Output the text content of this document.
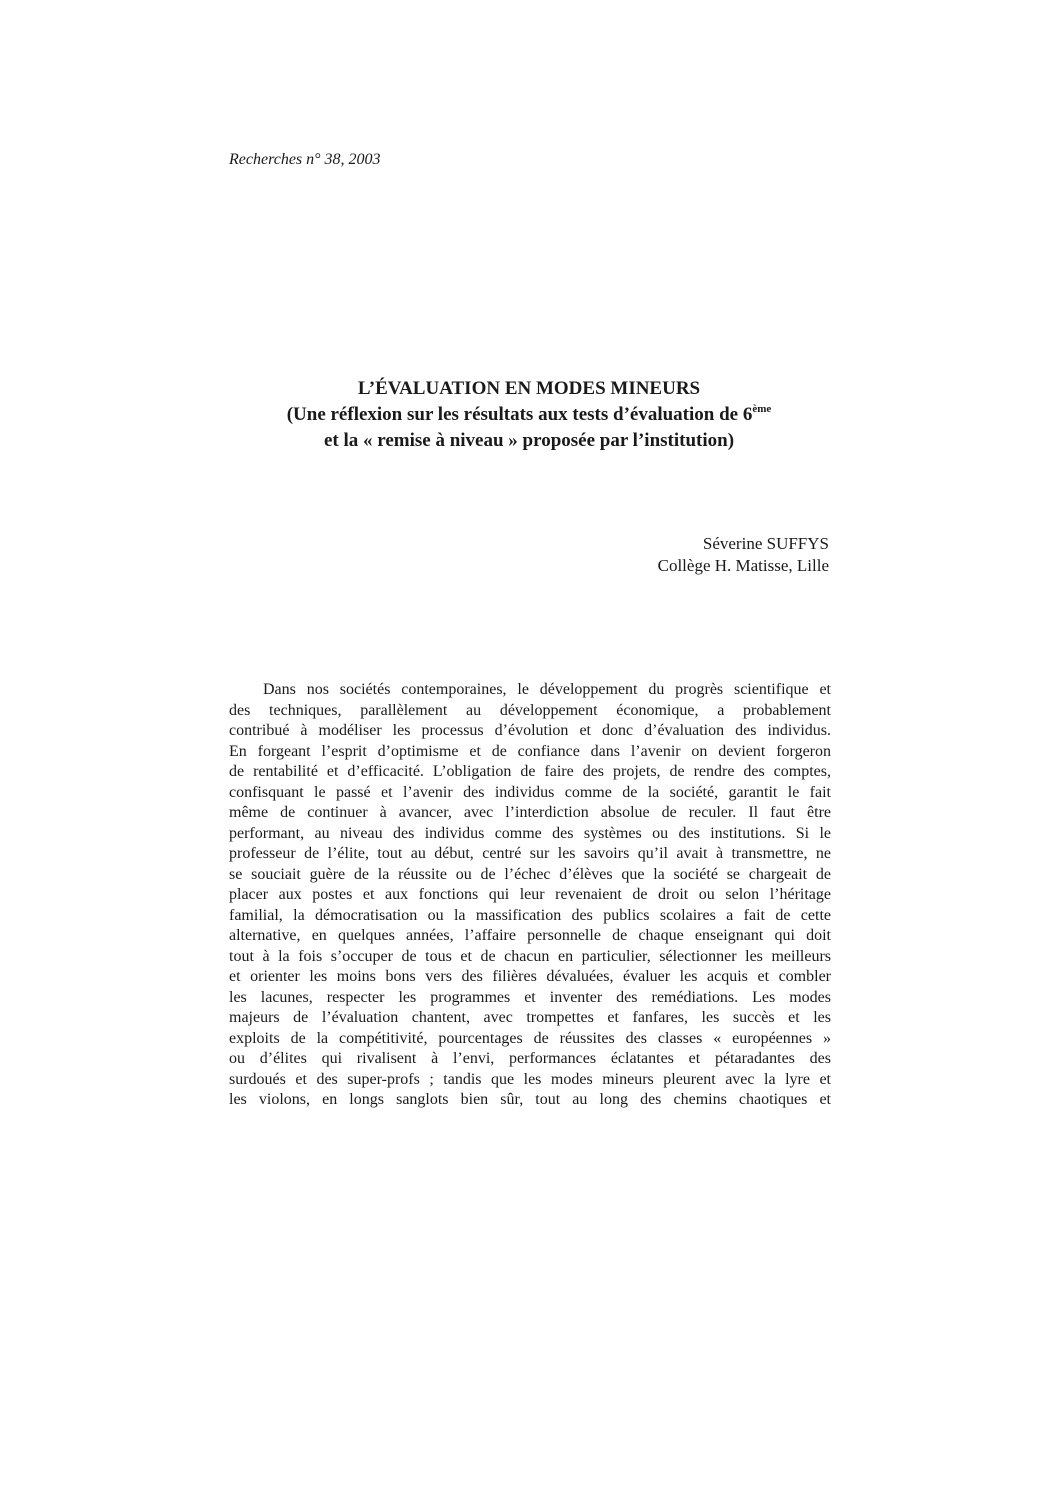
Recherches n° 38, 2003
L’ÉVALUATION EN MODES MINEURS
(Une réflexion sur les résultats aux tests d’évaluation de 6ème
et la « remise à niveau » proposée par l’institution)
Séverine SUFFYS
Collège H. Matisse, Lille
Dans nos sociétés contemporaines, le développement du progrès scientifique et
des techniques, parallèlement au développement économique, a probablement
contribué à modéliser les processus d’évolution et donc d’évaluation des individus.
En forgeant l’esprit d’optimisme et de confiance dans l’avenir on devient forgeron
de rentabilité et d’efficacité. L’obligation de faire des projets, de rendre des comptes,
confisquant le passé et l’avenir des individus comme de la société, garantit le fait
même de continuer à avancer, avec l’interdiction absolue de reculer. Il faut être
performant, au niveau des individus comme des systèmes ou des institutions. Si le
professeur de l’élite, tout au début, centré sur les savoirs qu’il avait à transmettre, ne
se souciait guère de la réussite ou de l’échec d’élèves que la société se chargeait de
placer aux postes et aux fonctions qui leur revenaient de droit ou selon l’héritage
familial, la démocratisation ou la massification des publics scolaires a fait de cette
alternative, en quelques années, l’affaire personnelle de chaque enseignant qui doit
tout à la fois s’occuper de tous et de chacun en particulier, sélectionner les meilleurs
et orienter les moins bons vers des filières dévaluées, évaluer les acquis et combler
les lacunes, respecter les programmes et inventer des remédiations. Les modes
majeurs de l’évaluation chantent, avec trompettes et fanfares, les succès et les
exploits de la compétitivité, pourcentages de réussites des classes « européennes »
ou d’élites qui rivalisent à l’envi, performances éclatantes et pétaradantes des
surdoués et des super-profs ; tandis que les modes mineurs pleurent avec la lyre et
les violons, en longs sanglots bien sûr, tout au long des chemins chaotiques et
